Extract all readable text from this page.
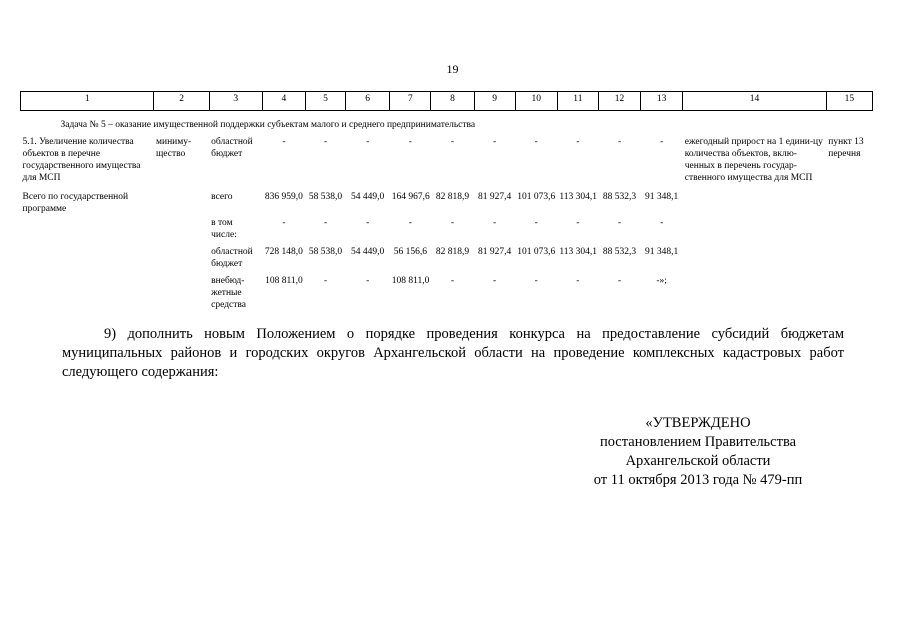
19
1	2	3	4	5	6	7	8	9	10	11	12	13	14	15
Задача № 5 – оказание имущественной поддержки субъектам малого и среднего предпринимательства														
5.1. Увеличение количества объектов в перечне государственного имущества для МСП	миниму-щество	областной бюджет	-	-	-	-	-	-	-	-	-	-	ежегодный прирост на 1 едини-цу количества объектов, вклю-ченных в перечень государ-ственного имущества для МСП	пункт 13 перечня
Всего по государственной программе		всего	836 959,0	58 538,0	54 449,0	164 967,6	82 818,9	81 927,4	101 073,6	113 304,1	88 532,3	91 348,1		
		в том числе:	-	-	-	-	-	-	-	-	-	-		
		областной бюджет	728 148,0	58 538,0	54 449,0	56 156,6	82 818,9	81 927,4	101 073,6	113 304,1	88 532,3	91 348,1		
		внебюд-жетные средства	108 811,0	-	-	108 811,0	-	-	-	-	-	-»;		
9) дополнить новым Положением о порядке проведения конкурса на предоставление субсидий бюджетам муниципальных районов и городских округов Архангельской области на проведение комплексных кадастровых работ следующего содержания:
«УТВЕРЖДЕНО
постановлением Правительства
Архангельской области
от 11 октября 2013 года № 479-пп
